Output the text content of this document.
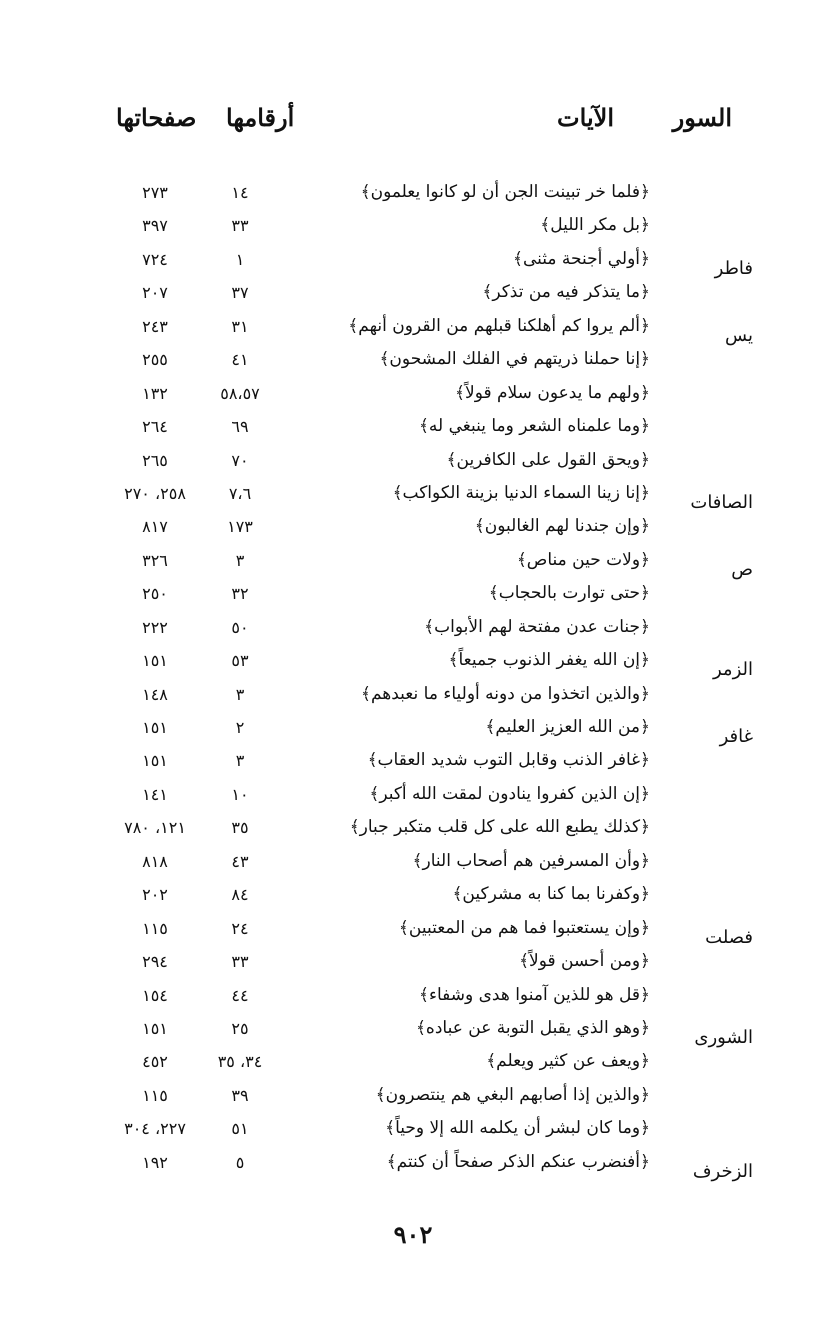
السور
الآيات
أرقامها
صفحاتها
﴿فلما خر تبينت الجن أن لو كانوا يعلمون﴾
١٤
٢٧٣
﴿بل مكر الليل﴾
٣٣
٣٩٧
فاطر
﴿أولي أجنحة مثنى﴾
١
٧٢٤
﴿ما يتذكر فيه من تذكر﴾
٣٧
٢٠٧
يس
﴿ألم يروا كم أهلكنا قبلهم من القرون أنهم﴾
٣١
٢٤٣
﴿إنا حملنا ذريتهم في الفلك المشحون﴾
٤١
٢٥٥
﴿ولهم ما يدعون سلام قولاً﴾
٥٨،٥٧
١٣٢
﴿وما علمناه الشعر وما ينبغي له﴾
٦٩
٢٦٤
﴿ويحق القول على الكافرين﴾
٧٠
٢٦٥
الصافات
﴿إنا زينا السماء الدنيا بزينة الكواكب﴾
٧،٦
٢٥٨، ٢٧٠
﴿وإن جندنا لهم الغالبون﴾
١٧٣
٨١٧
ص
﴿ولات حين مناص﴾
٣
٣٢٦
﴿حتى توارت بالحجاب﴾
٣٢
٢٥٠
﴿جنات عدن مفتحة لهم الأبواب﴾
٥٠
٢٢٢
الزمر
﴿إن الله يغفر الذنوب جميعاً﴾
٥٣
١٥١
﴿والذين اتخذوا من دونه أولياء ما نعبدهم﴾
٣
١٤٨
غافر
﴿من الله العزيز العليم﴾
٢
١٥١
﴿غافر الذنب وقابل التوب شديد العقاب﴾
٣
١٥١
﴿إن الذين كفروا ينادون لمقت الله أكبر﴾
١٠
١٤١
﴿كذلك يطبع الله على كل قلب متكبر جبار﴾
٣٥
١٢١، ٧٨٠
﴿وأن المسرفين هم أصحاب النار﴾
٤٣
٨١٨
﴿وكفرنا بما كنا به مشركين﴾
٨٤
٢٠٢
فصلت
﴿وإن يستعتبوا فما هم من المعتبين﴾
٢٤
١١٥
﴿ومن أحسن قولاً﴾
٣٣
٢٩٤
﴿قل هو للذين آمنوا هدى وشفاء﴾
٤٤
١٥٤
الشورى
﴿وهو الذي يقبل التوبة عن عباده﴾
٢٥
١٥١
﴿ويعف عن كثير ويعلم﴾
٣٤، ٣٥
٤٥٢
﴿والذين إذا أصابهم البغي هم ينتصرون﴾
٣٩
١١٥
﴿وما كان لبشر أن يكلمه الله إلا وحياً﴾
٥١
٢٢٧، ٣٠٤
الزخرف
﴿أفنضرب عنكم الذكر صفحاً أن كنتم﴾
٥
١٩٢
٩٠٢
